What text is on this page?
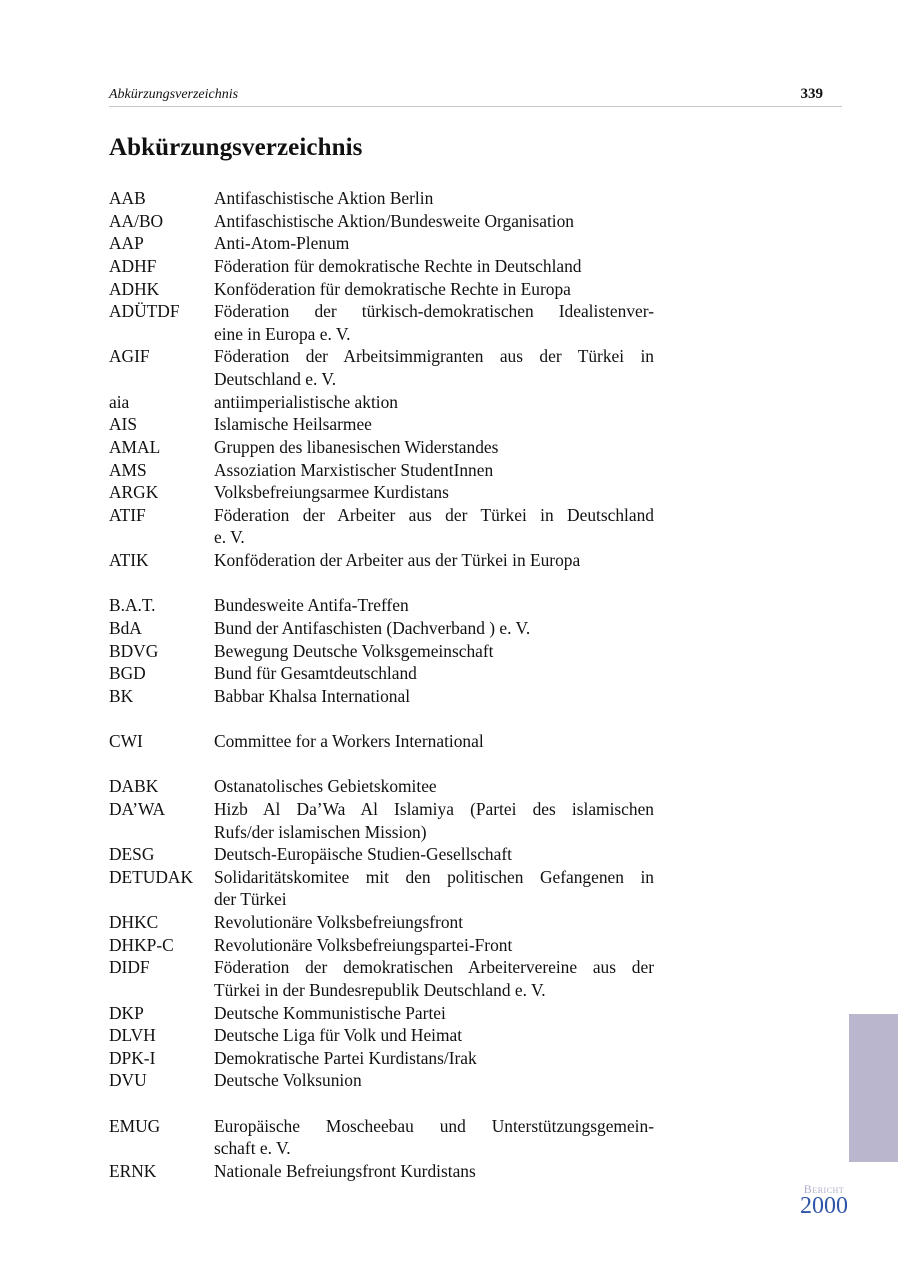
Abkürzungsverzeichnis	339
Abkürzungsverzeichnis
AAB	Antifaschistische Aktion Berlin
AA/BO	Antifaschistische Aktion/Bundesweite Organisation
AAP	Anti-Atom-Plenum
ADHF	Föderation für demokratische Rechte in Deutschland
ADHK	Konföderation für demokratische Rechte in Europa
ADÜTDF	Föderation der türkisch-demokratischen Idealistenver-
eine in Europa e. V.
AGIF	Föderation der Arbeitsimmigranten aus der Türkei in
Deutschland e. V.
aia	antiimperialistische aktion
AIS	Islamische Heilsarmee
AMAL	Gruppen des libanesischen Widerstandes
AMS	Assoziation Marxistischer StudentInnen
ARGK	Volksbefreiungsarmee Kurdistans
ATIF	Föderation der Arbeiter aus der Türkei in Deutschland
e. V.
ATIK	Konföderation der Arbeiter aus der Türkei in Europa
B.A.T.	Bundesweite Antifa-Treffen
BdA	Bund der Antifaschisten (Dachverband ) e. V.
BDVG	Bewegung Deutsche Volksgemeinschaft
BGD	Bund für Gesamtdeutschland
BK	Babbar Khalsa International
CWI	Committee for a Workers International
DABK	Ostanatolisches Gebietskomitee
DA’WA	Hizb Al Da’Wa Al Islamiya (Partei des islamischen
Rufs/der islamischen Mission)
DESG	Deutsch-Europäische Studien-Gesellschaft
DETUDAK	Solidaritätskomitee mit den politischen Gefangenen in
der Türkei
DHKC	Revolutionäre Volksbefreiungsfront
DHKP-C	Revolutionäre Volksbefreiungspartei-Front
DIDF	Föderation der demokratischen Arbeitervereine aus der
Türkei in der Bundesrepublik Deutschland e. V.
DKP	Deutsche Kommunistische Partei
DLVH	Deutsche Liga für Volk und Heimat
DPK-I	Demokratische Partei Kurdistans/Irak
DVU	Deutsche Volksunion
EMUG	Europäische Moscheebau und Unterstützungsgemein-
schaft e. V.
ERNK	Nationale Befreiungsfront Kurdistans
Bericht
2000
